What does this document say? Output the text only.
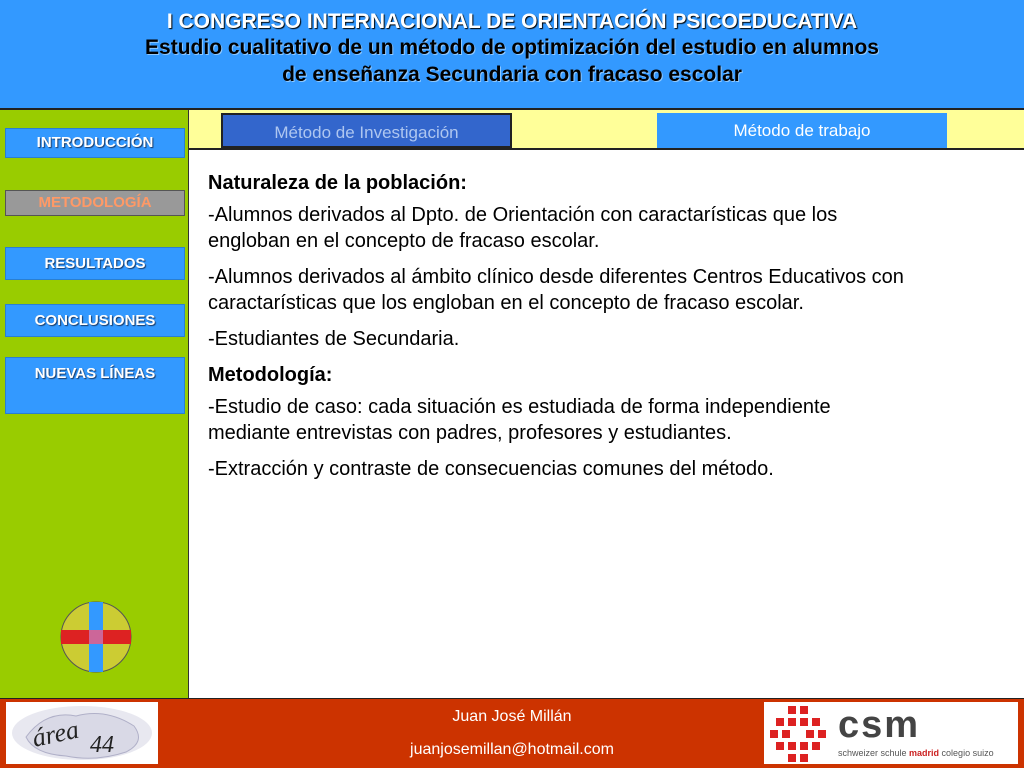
I CONGRESO INTERNACIONAL DE ORIENTACIÓN PSICOEDUCATIVA
Estudio cualitativo de un método de optimización del estudio en alumnos
de enseñanza Secundaria con fracaso escolar
INTRODUCCIÓN
METODOLOGÍA
RESULTADOS
CONCLUSIONES
NUEVAS LÍNEAS
Método de Investigación	Método de trabajo

Naturaleza de la población:

-Alumnos derivados al Dpto. de Orientación con caractarísticas que los engloban en el concepto de fracaso escolar.

-Alumnos derivados al ámbito clínico desde diferentes Centros Educativos con caractarísticas que los engloban en el concepto de fracaso escolar.

-Estudiantes de Secundaria.

Metodología:

-Estudio de caso: cada situación es estudiada de forma independiente mediante entrevistas con padres, profesores y estudiantes.

-Extracción y contraste de consecuencias comunes del método.

área 44
Juan José Millán
juanjosemillan@hotmail.com
csm
schweizer schule madrid colegio suizo
